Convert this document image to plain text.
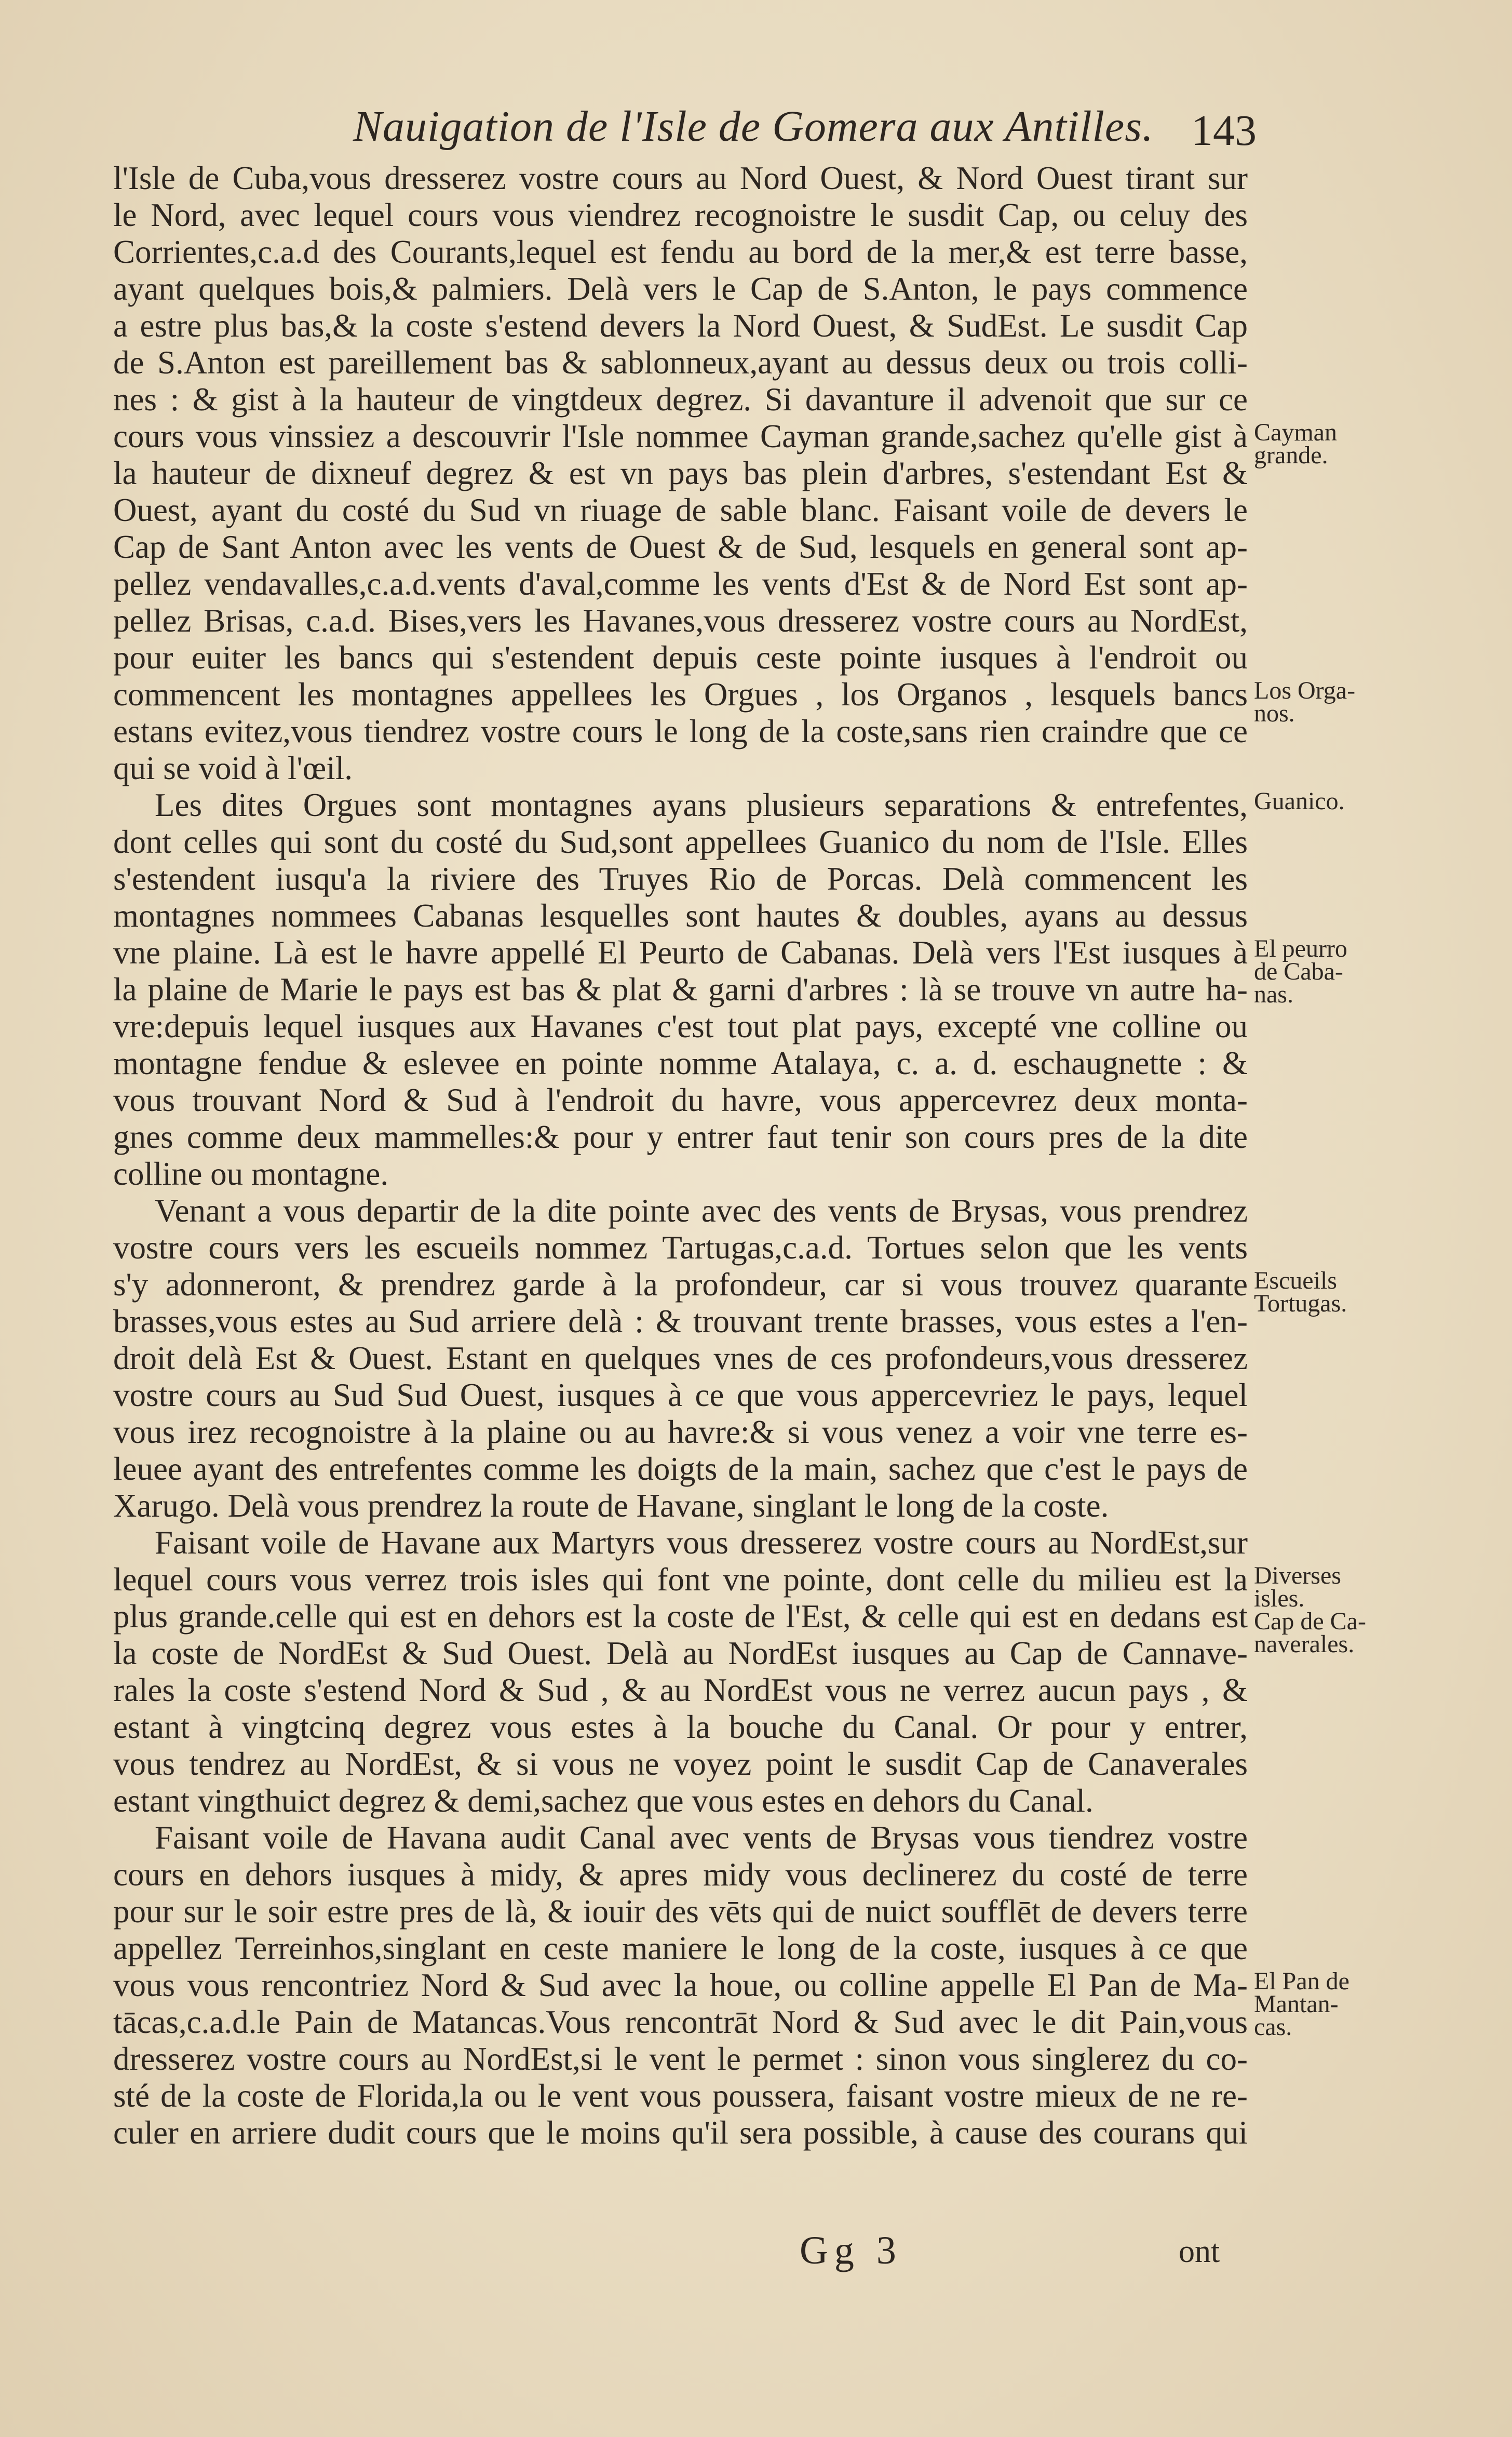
Nauigation de l'Isle de Gomera aux Antilles. 143
l'Isle de Cuba,vous dresserez vostre cours au Nord Ouest, & Nord Ouest tirant sur
le Nord, avec lequel cours vous viendrez recognoistre le susdit Cap, ou celuy des
Corrientes,c.a.d des Courants,lequel est fendu au bord de la mer,& est terre basse,
ayant quelques bois,& palmiers. Delà vers le Cap de S.Anton, le pays commence
a estre plus bas,& la coste s'estend devers la Nord Ouest, & SudEst. Le susdit Cap
de S.Anton est pareillement bas & sablonneux,ayant au dessus deux ou trois colli-
nes : & gist à la hauteur de vingtdeux degrez. Si davanture il advenoit que sur ce
cours vous vinssiez a descouvrir l'Isle nommee Cayman grande,sachez qu'elle gist à
la hauteur de dixneuf degrez & est vn pays bas plein d'arbres, s'estendant Est &
Ouest, ayant du costé du Sud vn riuage de sable blanc. Faisant voile de devers le
Cap de Sant Anton avec les vents de Ouest & de Sud, lesquels en general sont ap-
pellez vendavalles,c.a.d.vents d'aval,comme les vents d'Est & de Nord Est sont ap-
pellez Brisas, c.a.d. Bises,vers les Havanes,vous dresserez vostre cours au NordEst,
pour euiter les bancs qui s'estendent depuis ceste pointe iusques à l'endroit ou
commencent les montagnes appellees les Orgues , los Organos , lesquels bancs
estans evitez,vous tiendrez vostre cours le long de la coste,sans rien craindre que ce
qui se void à l'œil.
Les dites Orgues sont montagnes ayans plusieurs separations & entrefentes,
dont celles qui sont du costé du Sud,sont appellees Guanico du nom de l'Isle. Elles
s'estendent iusqu'a la riviere des Truyes Rio de Porcas. Delà commencent les
montagnes nommees Cabanas lesquelles sont hautes & doubles, ayans au dessus
vne plaine. Là est le havre appellé El Peurto de Cabanas. Delà vers l'Est iusques à
la plaine de Marie le pays est bas & plat & garni d'arbres : là se trouve vn autre ha-
vre:depuis lequel iusques aux Havanes c'est tout plat pays, excepté vne colline ou
montagne fendue & eslevee en pointe nomme Atalaya, c. a. d. eschaugnette : &
vous trouvant Nord & Sud à l'endroit du havre, vous appercevrez deux monta-
gnes comme deux mammelles:& pour y entrer faut tenir son cours pres de la dite
colline ou montagne.
Venant a vous departir de la dite pointe avec des vents de Brysas, vous prendrez
vostre cours vers les escueils nommez Tartugas,c.a.d. Tortues selon que les vents
s'y adonneront, & prendrez garde à la profondeur, car si vous trouvez quarante
brasses,vous estes au Sud arriere delà : & trouvant trente brasses, vous estes a l'en-
droit delà Est & Ouest. Estant en quelques vnes de ces profondeurs,vous dresserez
vostre cours au Sud Sud Ouest, iusques à ce que vous appercevriez le pays, lequel
vous irez recognoistre à la plaine ou au havre:& si vous venez a voir vne terre es-
leuee ayant des entrefentes comme les doigts de la main, sachez que c'est le pays de
Xarugo. Delà vous prendrez la route de Havane, singlant le long de la coste.
Faisant voile de Havane aux Martyrs vous dresserez vostre cours au NordEst,sur
lequel cours vous verrez trois isles qui font vne pointe, dont celle du milieu est la
plus grande.celle qui est en dehors est la coste de l'Est, & celle qui est en dedans est
la coste de NordEst & Sud Ouest. Delà au NordEst iusques au Cap de Cannave-
rales la coste s'estend Nord & Sud , & au NordEst vous ne verrez aucun pays , &
estant à vingtcinq degrez vous estes à la bouche du Canal. Or pour y entrer,
vous tendrez au NordEst, & si vous ne voyez point le susdit Cap de Canaverales
estant vingthuict degrez & demi,sachez que vous estes en dehors du Canal.
Faisant voile de Havana audit Canal avec vents de Brysas vous tiendrez vostre
cours en dehors iusques à midy, & apres midy vous declinerez du costé de terre
pour sur le soir estre pres de là, & iouir des vēts qui de nuict soufflēt de devers terre
appellez Terreinhos,singlant en ceste maniere le long de la coste, iusques à ce que
vous vous rencontriez Nord & Sud avec la houe, ou colline appelle El Pan de Ma-
tācas,c.a.d.le Pain de Matancas.Vous rencontrāt Nord & Sud avec le dit Pain,vous
dresserez vostre cours au NordEst,si le vent le permet : sinon vous singlerez du co-
sté de la coste de Florida,la ou le vent vous poussera, faisant vostre mieux de ne re-
culer en arriere dudit cours que le moins qu'il sera possible, à cause des courans qui
Cayman
grande.
Los Orga-
nos.
Guanico.
El peurro
de Caba-
nas.
Escueils
Tortugas.
Diverses
isles.
Cap de Ca-
naverales.
El Pan de
Mantan-
cas.
Gg 3	ont
